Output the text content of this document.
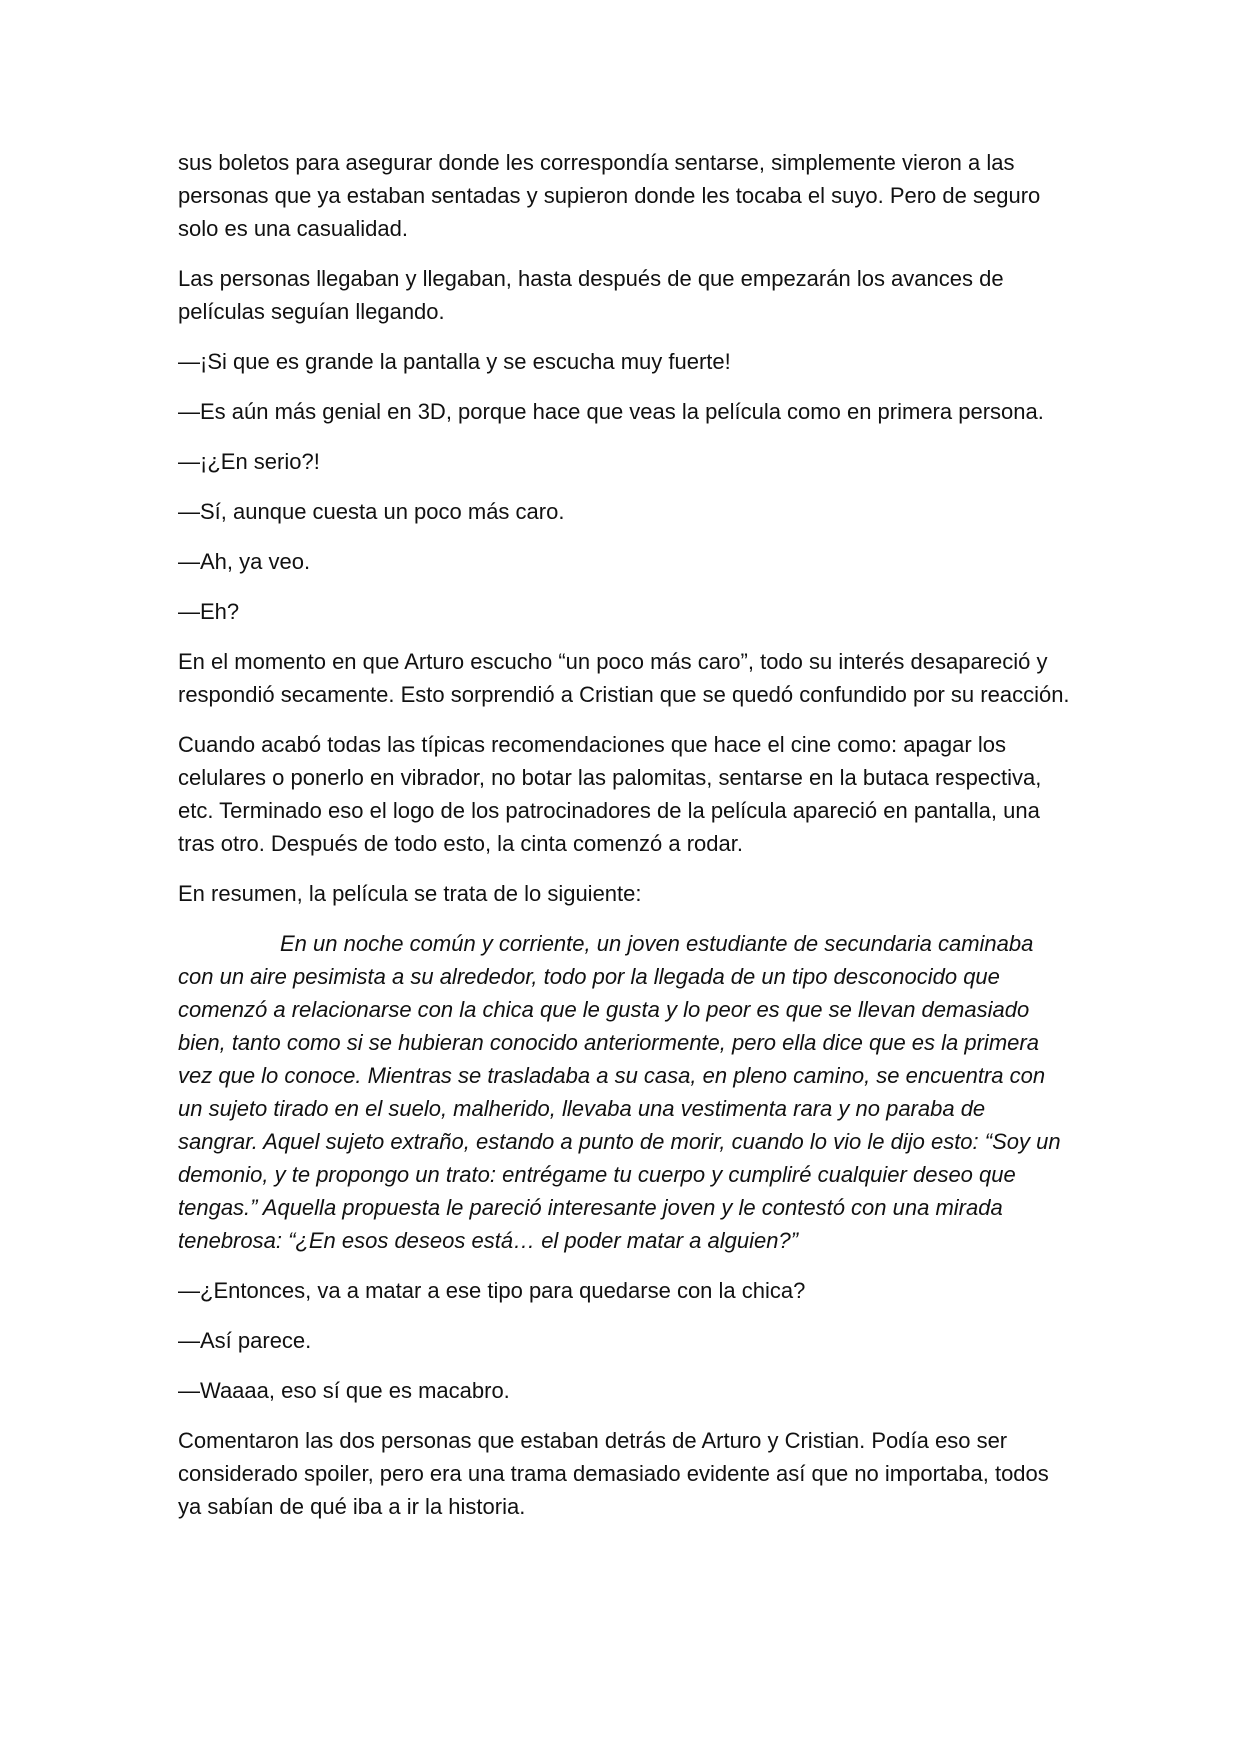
sus boletos para asegurar donde les correspondía sentarse, simplemente vieron a las personas que ya estaban sentadas y supieron donde les tocaba el suyo. Pero de seguro solo es una casualidad.

Las personas llegaban y llegaban, hasta después de que empezarán los avances de películas seguían llegando.

—¡Si que es grande la pantalla y se escucha muy fuerte!

—Es aún más genial en 3D, porque hace que veas la película como en primera persona.

—¡¿En serio?!

—Sí, aunque cuesta un poco más caro.

—Ah, ya veo.

—Eh?

En el momento en que Arturo escucho “un poco más caro”, todo su interés desapareció y respondió secamente. Esto sorprendió a Cristian que se quedó confundido por su reacción.

Cuando acabó todas las típicas recomendaciones que hace el cine como: apagar los celulares o ponerlo en vibrador, no botar las palomitas, sentarse en la butaca respectiva, etc. Terminado eso el logo de los patrocinadores de la película apareció en pantalla, una tras otro. Después de todo esto, la cinta comenzó a rodar.

En resumen, la película se trata de lo siguiente:

En un noche común y corriente, un joven estudiante de secundaria caminaba con un aire pesimista a su alrededor, todo por la llegada de un tipo desconocido que comenzó a relacionarse con la chica que le gusta y lo peor es que se llevan demasiado bien, tanto como si se hubieran conocido anteriormente, pero ella dice que es la primera vez que lo conoce. Mientras se trasladaba a su casa, en pleno camino, se encuentra con un sujeto tirado en el suelo, malherido, llevaba una vestimenta rara y no paraba de sangrar. Aquel sujeto extraño, estando a punto de morir, cuando lo vio le dijo esto: “Soy un demonio, y te propongo un trato: entrégame tu cuerpo y cumpliré cualquier deseo que tengas.” Aquella propuesta le pareció interesante joven y le contestó con una mirada tenebrosa: “¿En esos deseos está… el poder matar a alguien?”

—¿Entonces, va a matar a ese tipo para quedarse con la chica?

—Así parece.

—Waaaa, eso sí que es macabro.

Comentaron las dos personas que estaban detrás de Arturo y Cristian. Podía eso ser considerado spoiler, pero era una trama demasiado evidente así que no importaba, todos ya sabían de qué iba a ir la historia.
